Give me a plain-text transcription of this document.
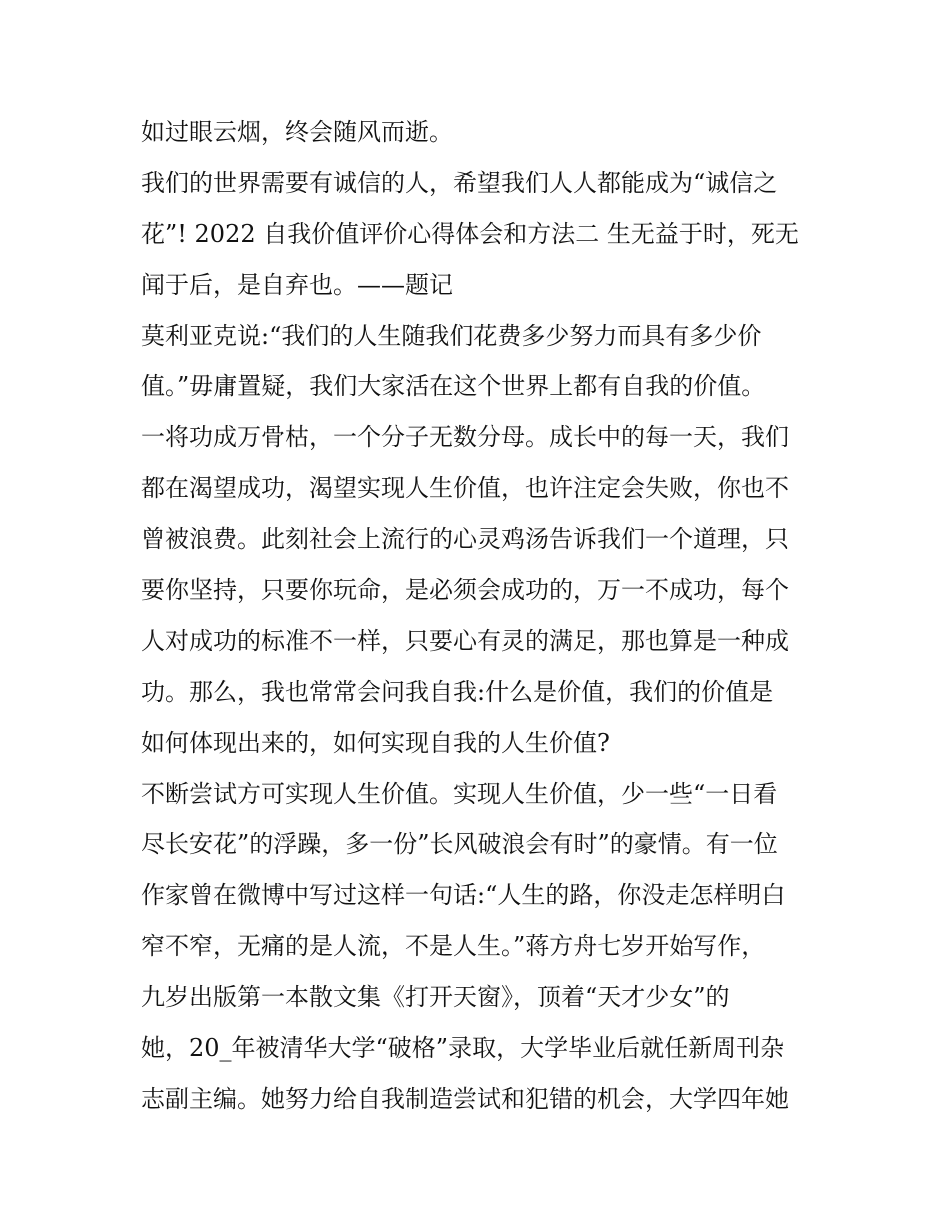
如过眼云烟，终会随风而逝。
我们的世界需要有诚信的人，希望我们人人都能成为“诚信之
花”! 2022 自我价值评价心得体会和方法二 生无益于时，死无
闻于后，是自弃也。——题记
莫利亚克说:“我们的人生随我们花费多少努力而具有多少价
值。”毋庸置疑，我们大家活在这个世界上都有自我的价值。
一将功成万骨枯，一个分子无数分母。成长中的每一天，我们
都在渴望成功，渴望实现人生价值，也许注定会失败，你也不
曾被浪费。此刻社会上流行的心灵鸡汤告诉我们一个道理，只
要你坚持，只要你玩命，是必须会成功的，万一不成功，每个
人对成功的标准不一样，只要心有灵的满足，那也算是一种成
功。那么，我也常常会问我自我:什么是价值，我们的价值是
如何体现出来的，如何实现自我的人生价值?
不断尝试方可实现人生价值。实现人生价值，少一些“一日看
尽长安花”的浮躁，多一份”长风破浪会有时”的豪情。有一位
作家曾在微博中写过这样一句话:“人生的路，你没走怎样明白
窄不窄，无痛的是人流，不是人生。”蒋方舟七岁开始写作，
九岁出版第一本散文集《打开天窗》，顶着“天才少女”的
她，20_年被清华大学“破格”录取，大学毕业后就任新周刊杂
志副主编。她努力给自我制造尝试和犯错的机会，大学四年她
